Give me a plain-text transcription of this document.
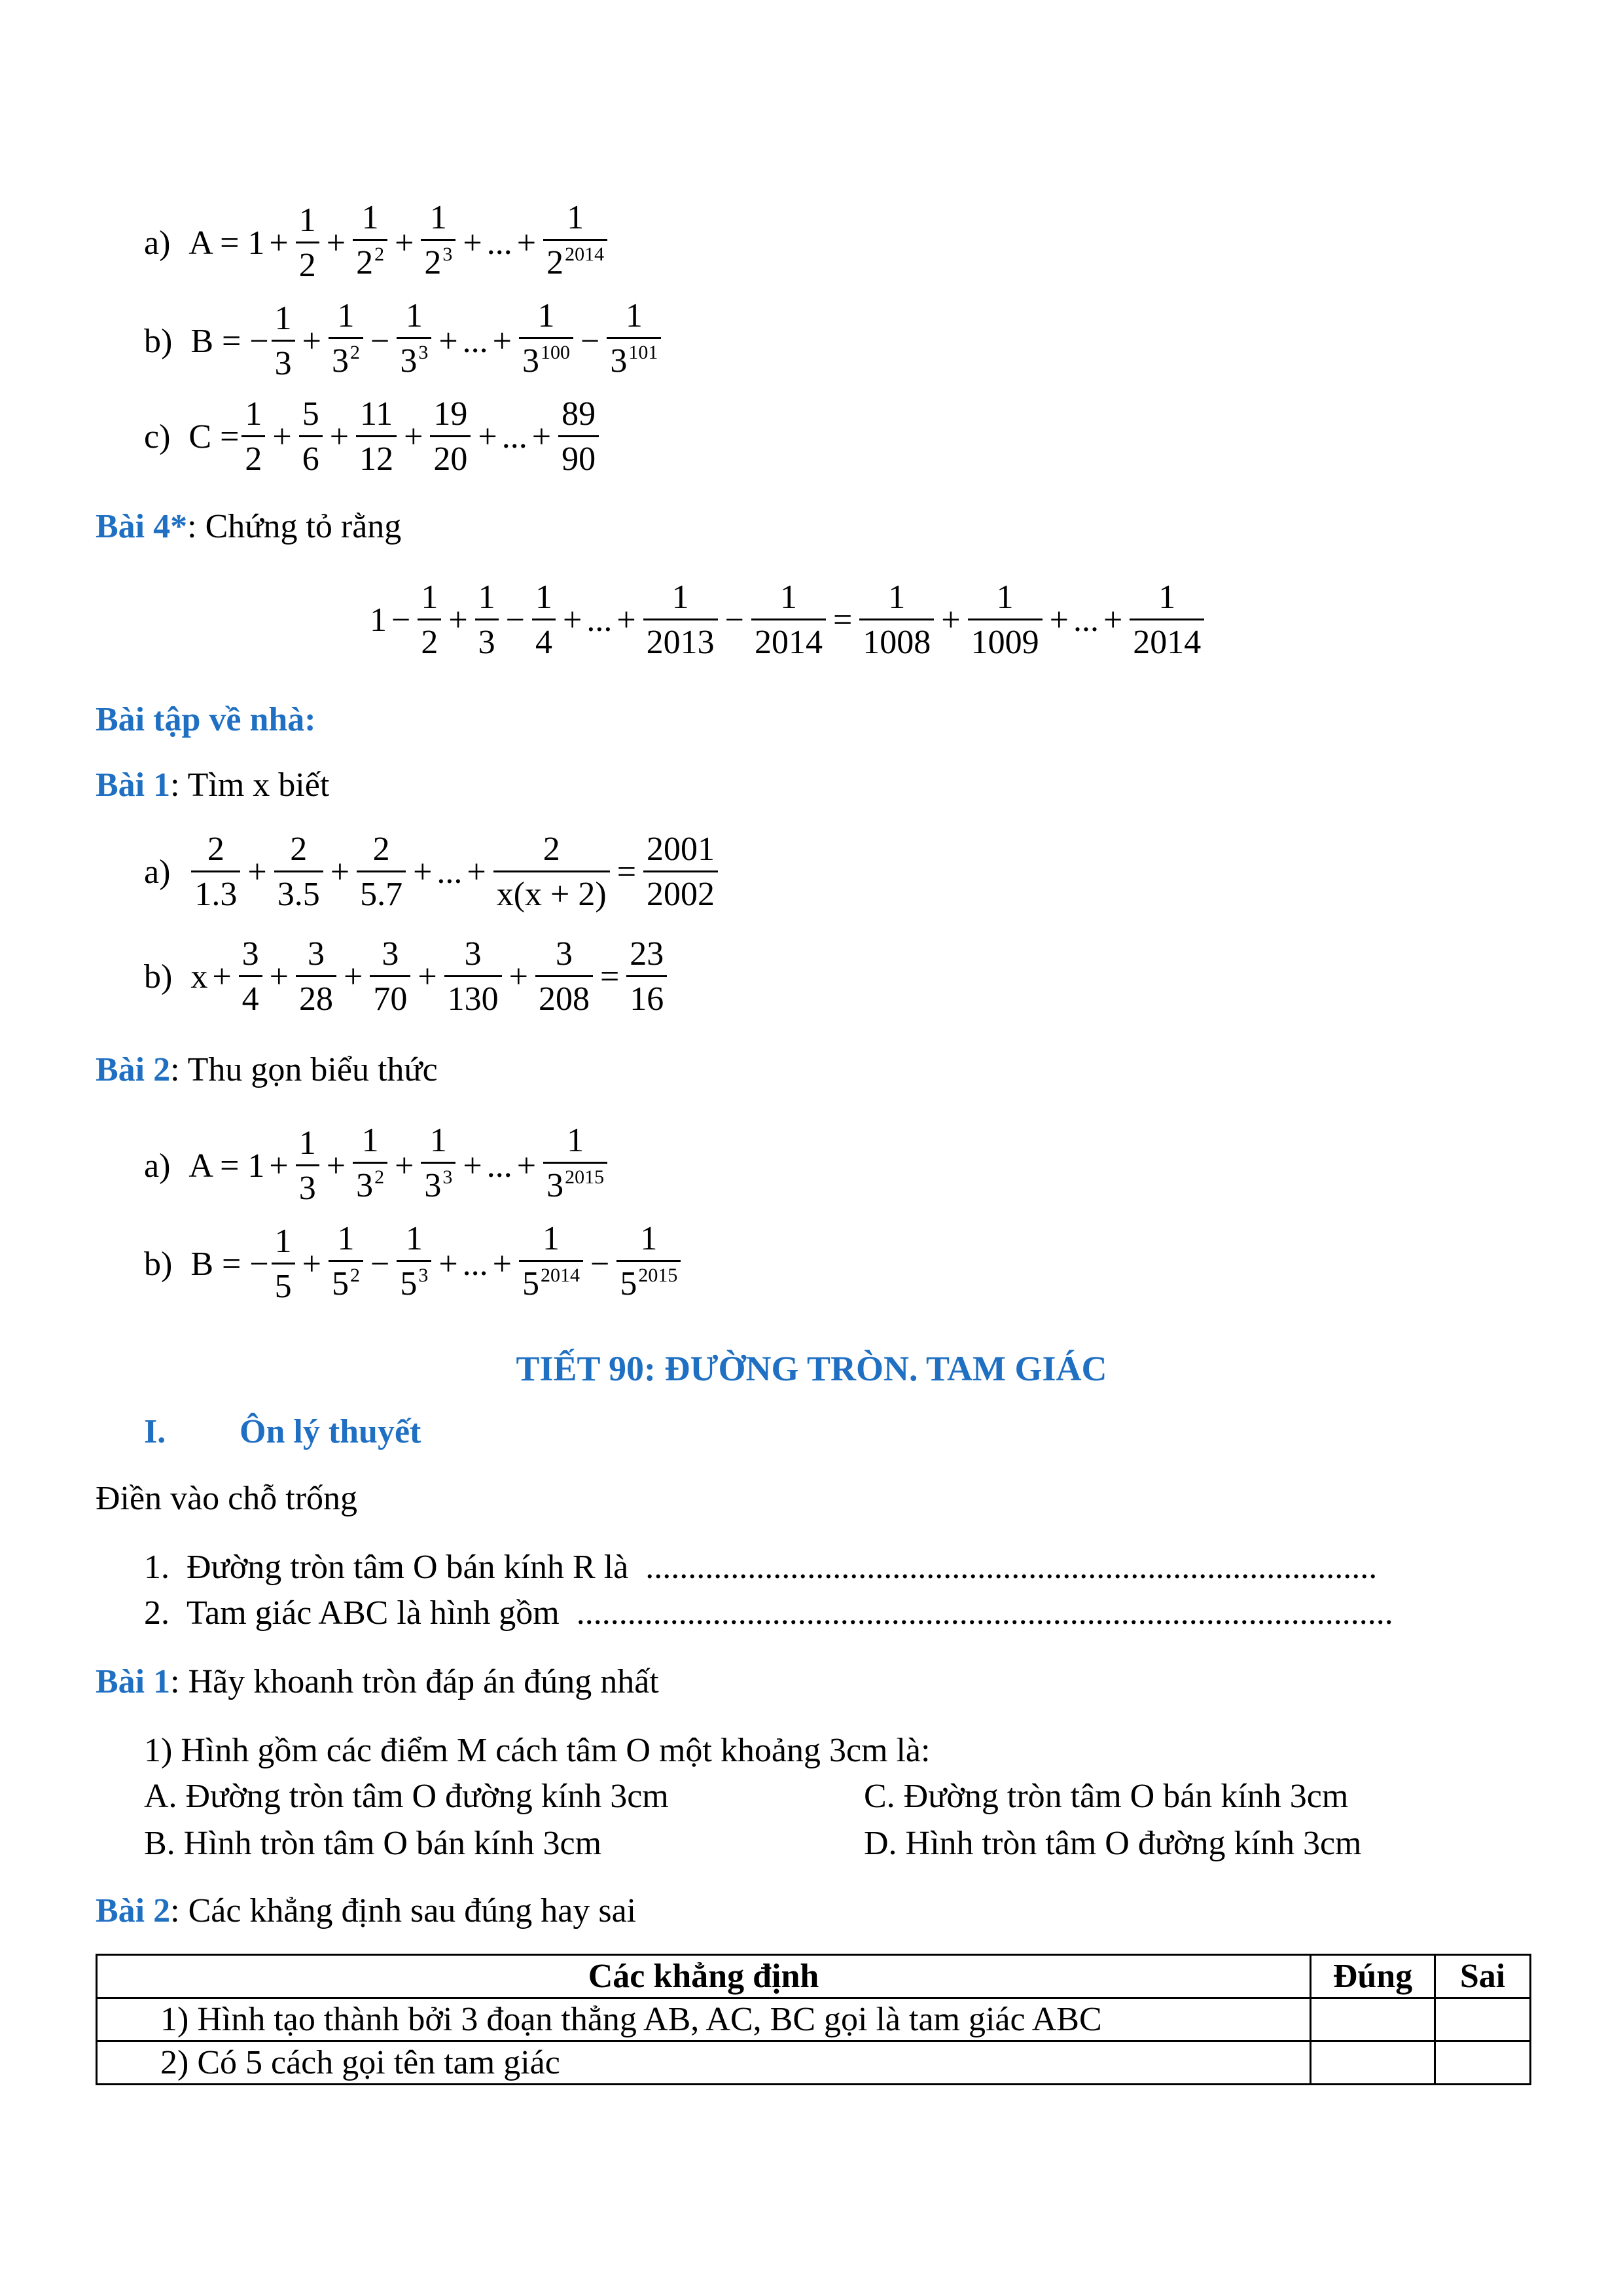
a) $A = 1 + \frac{1}{2} + \frac{1}{2^2} + \frac{1}{2^3}$ + ... + $\frac{1}{2^{2014}}$
b) B = − $\frac{1}{3} + \frac{1}{3^2} - \frac{1}{3^3}$ + ... + $\frac{1}{3^{100}} - \frac{1}{3^{101}}$
c) $C = \frac{1}{2} + \frac{5}{6} + \frac{11}{12} + \frac{19}{20}$ + ... + $\frac{89}{90}$
Bài 4*: Chứng tỏ rằng
$1 - \frac{1}{2} + \frac{1}{3} - \frac{1}{4}$ + ... + $\frac{1}{2013} - \frac{1}{2014} = \frac{1}{1008} + \frac{1}{1009}$ + ... + $\frac{1}{2014}$
Bài tập về nhà:
Bài 1: Tìm x biết
$a) \frac{2}{1.3} + \frac{2}{3.5} + \frac{2}{5.7}$ + ... + $\frac{2}{x(x + 2)} = \frac{2001}{2002}$
b) $x + \frac{3}{4} + \frac{3}{28} + \frac{3}{70} + \frac{3}{130} + \frac{3}{208} = \frac{23}{16}$
Bài 2: Thu gọn biểu thức
a) $A = 1 + \frac{1}{3} + \frac{1}{3^2} + \frac{1}{3^3}$ + ... + $\frac{1}{3^{2015}}$
b) B = − $\frac{1}{5} + \frac{1}{5^2} - \frac{1}{5^3}$ + ... + $\frac{1}{5^{2014}} - \frac{1}{5^{2015}}$
TIẾT 90: ĐƯỜNG TRÒN. TAM GIÁC
I. Ôn lý thuyết
Điền vào chỗ trống
1. Đường tròn tâm O bán kính R là ......................................................................................
2. Tam giác ABC là hình gồm ................................................................................................
Bài 1: Hãy khoanh tròn đáp án đúng nhất
1) Hình gồm các điểm M cách tâm O một khoảng 3cm là:
A. Đường tròn tâm O đường kính 3cm	C. Đường tròn tâm O bán kính 3cm
B. Hình tròn tâm O bán kính 3cm	D. Hình tròn tâm O đường kính 3cm
Bài 2: Các khẳng định sau đúng hay sai
Các khẳng định	Đúng	Sai
1) Hình tạo thành bởi 3 đoạn thẳng AB, AC, BC gọi là tam giác ABC		
2) Có 5 cách gọi tên tam giác		
